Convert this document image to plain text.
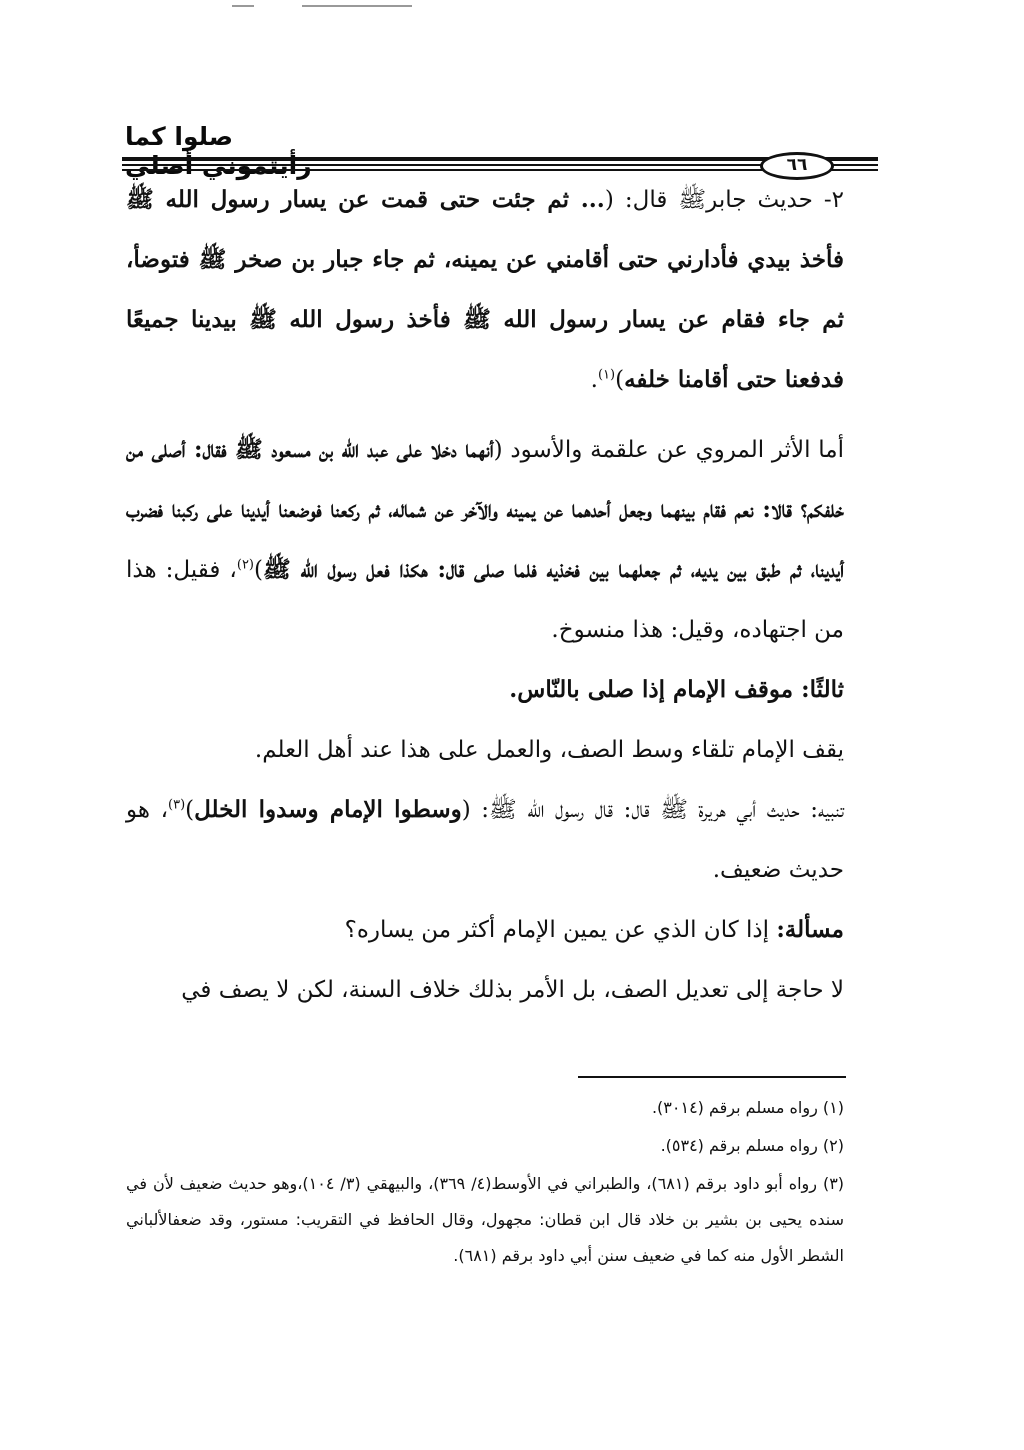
صلوا كما
٦٦

٢- حديث جابرﷺ قال: (... ثم جئت حتى قمت عن يسار رسول الله ﷺ فأخذ بيدي فأدارني حتى أقامني عن يمينه، ثم جاء جبار بن صخر ﷺ فتوضأ، ثم جاء فقام عن يسار رسول الله ﷺ فأخذ رسول الله ﷺ بيدينا جميعًا فدفعنا حتى أقامنا خلفه)$^{(١)}$.

أما الأثر المروي عن علقمة والأسود (أنهما دخلا على عبد الله بن مسعود ﷺ فقال: أصلى من خلفكم؟ قالا: نعم فقام بينهما وجعل أحدهما عن يمينه والآخر عن شماله، ثم ركعنا فوضعنا أيدينا على ركبنا فضرب أيدينا، ثم طبق بين يديه، ثم جعلهما بين فخذيه فلما صلى قال: هكذا فعل رسول الله ﷺ)$^{(٢)}$، فقيل: هذا من اجتهاده، وقيل: هذا منسوخ.

ثالثًا: موقف الإمام إذا صلى بالنّاس.

يقف الإمام تلقاء وسط الصف، والعمل على هذا عند أهل العلم.

تنبيه: حديث أبي هريرة ﷺ قال: قال رسول الله ﷺ: (وسطوا الإمام وسدوا الخلل)$^{(٣)}$، هو حديث ضعيف.

مسألة: إذا كان الذي عن يمين الإمام أكثر من يساره؟

لا حاجة إلى تعديل الصف، بل الأمر بذلك خلاف السنة، لكن لا يصف في

(١) رواه مسلم برقم (٣٠١٤).

(٢) رواه مسلم برقم (٥٣٤).

(٣) رواه أبو داود برقم (٦٨١)، والطبراني في الأوسط(٤/ ٣٦٩)، والبيهقي (٣/ ١٠٤)،وهو حديث ضعيف لأن في سنده يحيى بن بشير بن خلاد قال ابن قطان: مجهول، وقال الحافظ في التقريب: مستور، وقد ضعفالألباني الشطر الأول منه كما في ضعيف سنن أبي داود برقم (٦٨١).
